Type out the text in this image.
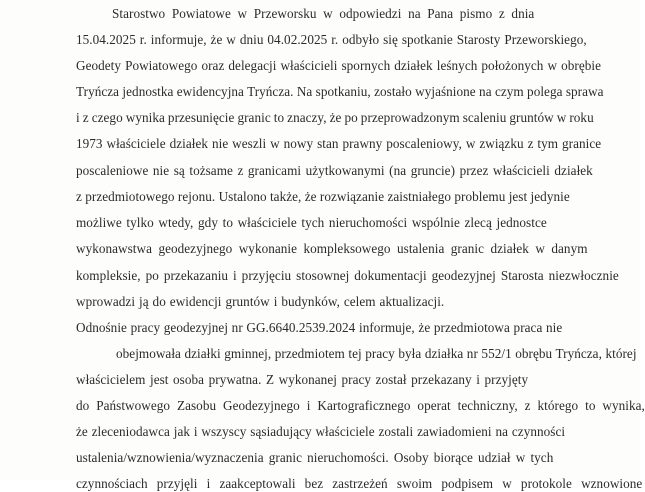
Starostwo Powiatowe w Przeworsku w odpowiedzi na Pana pismo z dnia
15.04.2025 r. informuje, że w dniu 04.02.2025 r. odbyło się spotkanie Starosty Przeworskiego,
Geodety Powiatowego oraz delegacji właścicieli spornych działek leśnych położonych w obrębie
Tryńcza jednostka ewidencyjna Tryńcza. Na spotkaniu, zostało wyjaśnione na czym polega sprawa
i z czego wynika przesunięcie granic to znaczy, że po przeprowadzonym scaleniu gruntów w roku
1973 właściciele działek nie weszli w nowy stan prawny poscaleniowy, w związku z tym granice
poscaleniowe nie są tożsame z granicami użytkowanymi (na gruncie) przez właścicieli działek
z przedmiotowego rejonu. Ustalono także, że rozwiązanie zaistniałego problemu jest jedynie
możliwe tylko wtedy, gdy to właściciele tych nieruchomości wspólnie zlecą jednostce
wykonawstwa geodezyjnego wykonanie kompleksowego ustalenia granic działek w danym
kompleksie, po przekazaniu i przyjęciu stosownej dokumentacji geodezyjnej Starosta niezwłocznie
wprowadzi ją do ewidencji gruntów i budynków, celem aktualizacji.
Odnośnie pracy geodezyjnej nr GG.6640.2539.2024 informuje, że przedmiotowa praca nie
obejmowała działki gminnej, przedmiotem tej pracy była działka nr 552/1 obrębu Tryńcza, której
właścicielem jest osoba prywatna. Z wykonanej pracy został przekazany i przyjęty
do Państwowego Zasobu Geodezyjnego i Kartograficznego operat techniczny, z którego to wynika,
że zleceniodawca jak i wszyscy sąsiadujący właściciele zostali zawiadomieni na czynności
ustalenia/wznowienia/wyznaczenia granic nieruchomości. Osoby biorące udział w tych
czynnościach przyjęli i zaakceptowali bez zastrzeżeń swoim podpisem w protokole wznowione
